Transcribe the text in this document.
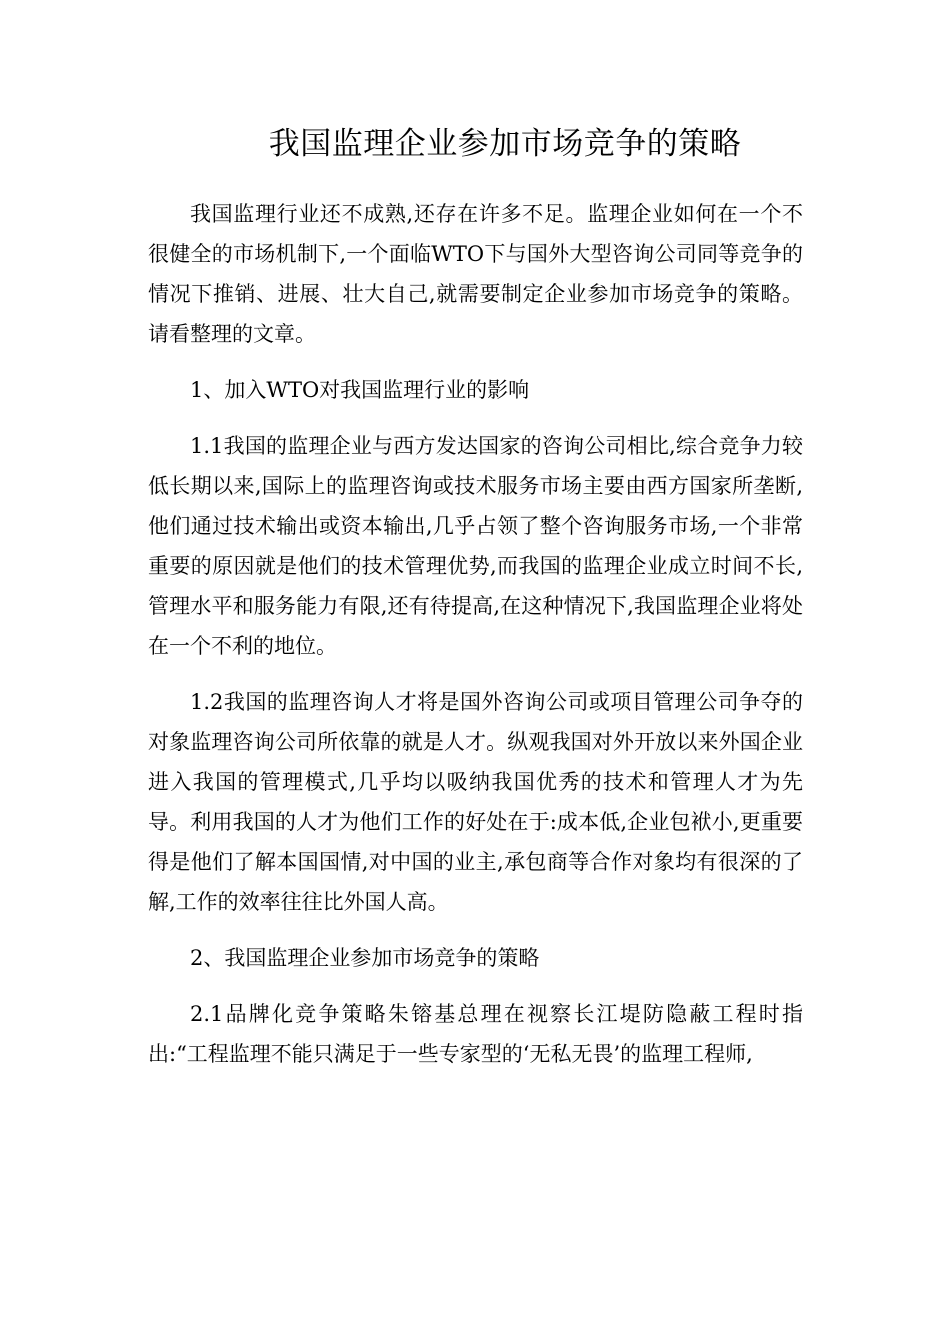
我国监理企业参加市场竞争的策略

我国监理行业还不成熟,还存在许多不足。监理企业如何在一个不很健全的市场机制下,一个面临WTO下与国外大型咨询公司同等竞争的情况下推销、进展、壮大自己,就需要制定企业参加市场竞争的策略。请看整理的文章。

1、加入WTO对我国监理行业的影响

1.1我国的监理企业与西方发达国家的咨询公司相比,综合竞争力较低长期以来,国际上的监理咨询或技术服务市场主要由西方国家所垄断,他们通过技术输出或资本输出,几乎占领了整个咨询服务市场,一个非常重要的原因就是他们的技术管理优势,而我国的监理企业成立时间不长,管理水平和服务能力有限,还有待提高,在这种情况下,我国监理企业将处在一个不利的地位。

1.2我国的监理咨询人才将是国外咨询公司或项目管理公司争夺的对象监理咨询公司所依靠的就是人才。纵观我国对外开放以来外国企业进入我国的管理模式,几乎均以吸纳我国优秀的技术和管理人才为先导。利用我国的人才为他们工作的好处在于:成本低,企业包袱小,更重要得是他们了解本国国情,对中国的业主,承包商等合作对象均有很深的了解,工作的效率往往比外国人高。

2、我国监理企业参加市场竞争的策略

2.1品牌化竞争策略朱镕基总理在视察长江堤防隐蔽工程时指出:“工程监理不能只满足于一些专家型的‘无私无畏’的监理工程师,
